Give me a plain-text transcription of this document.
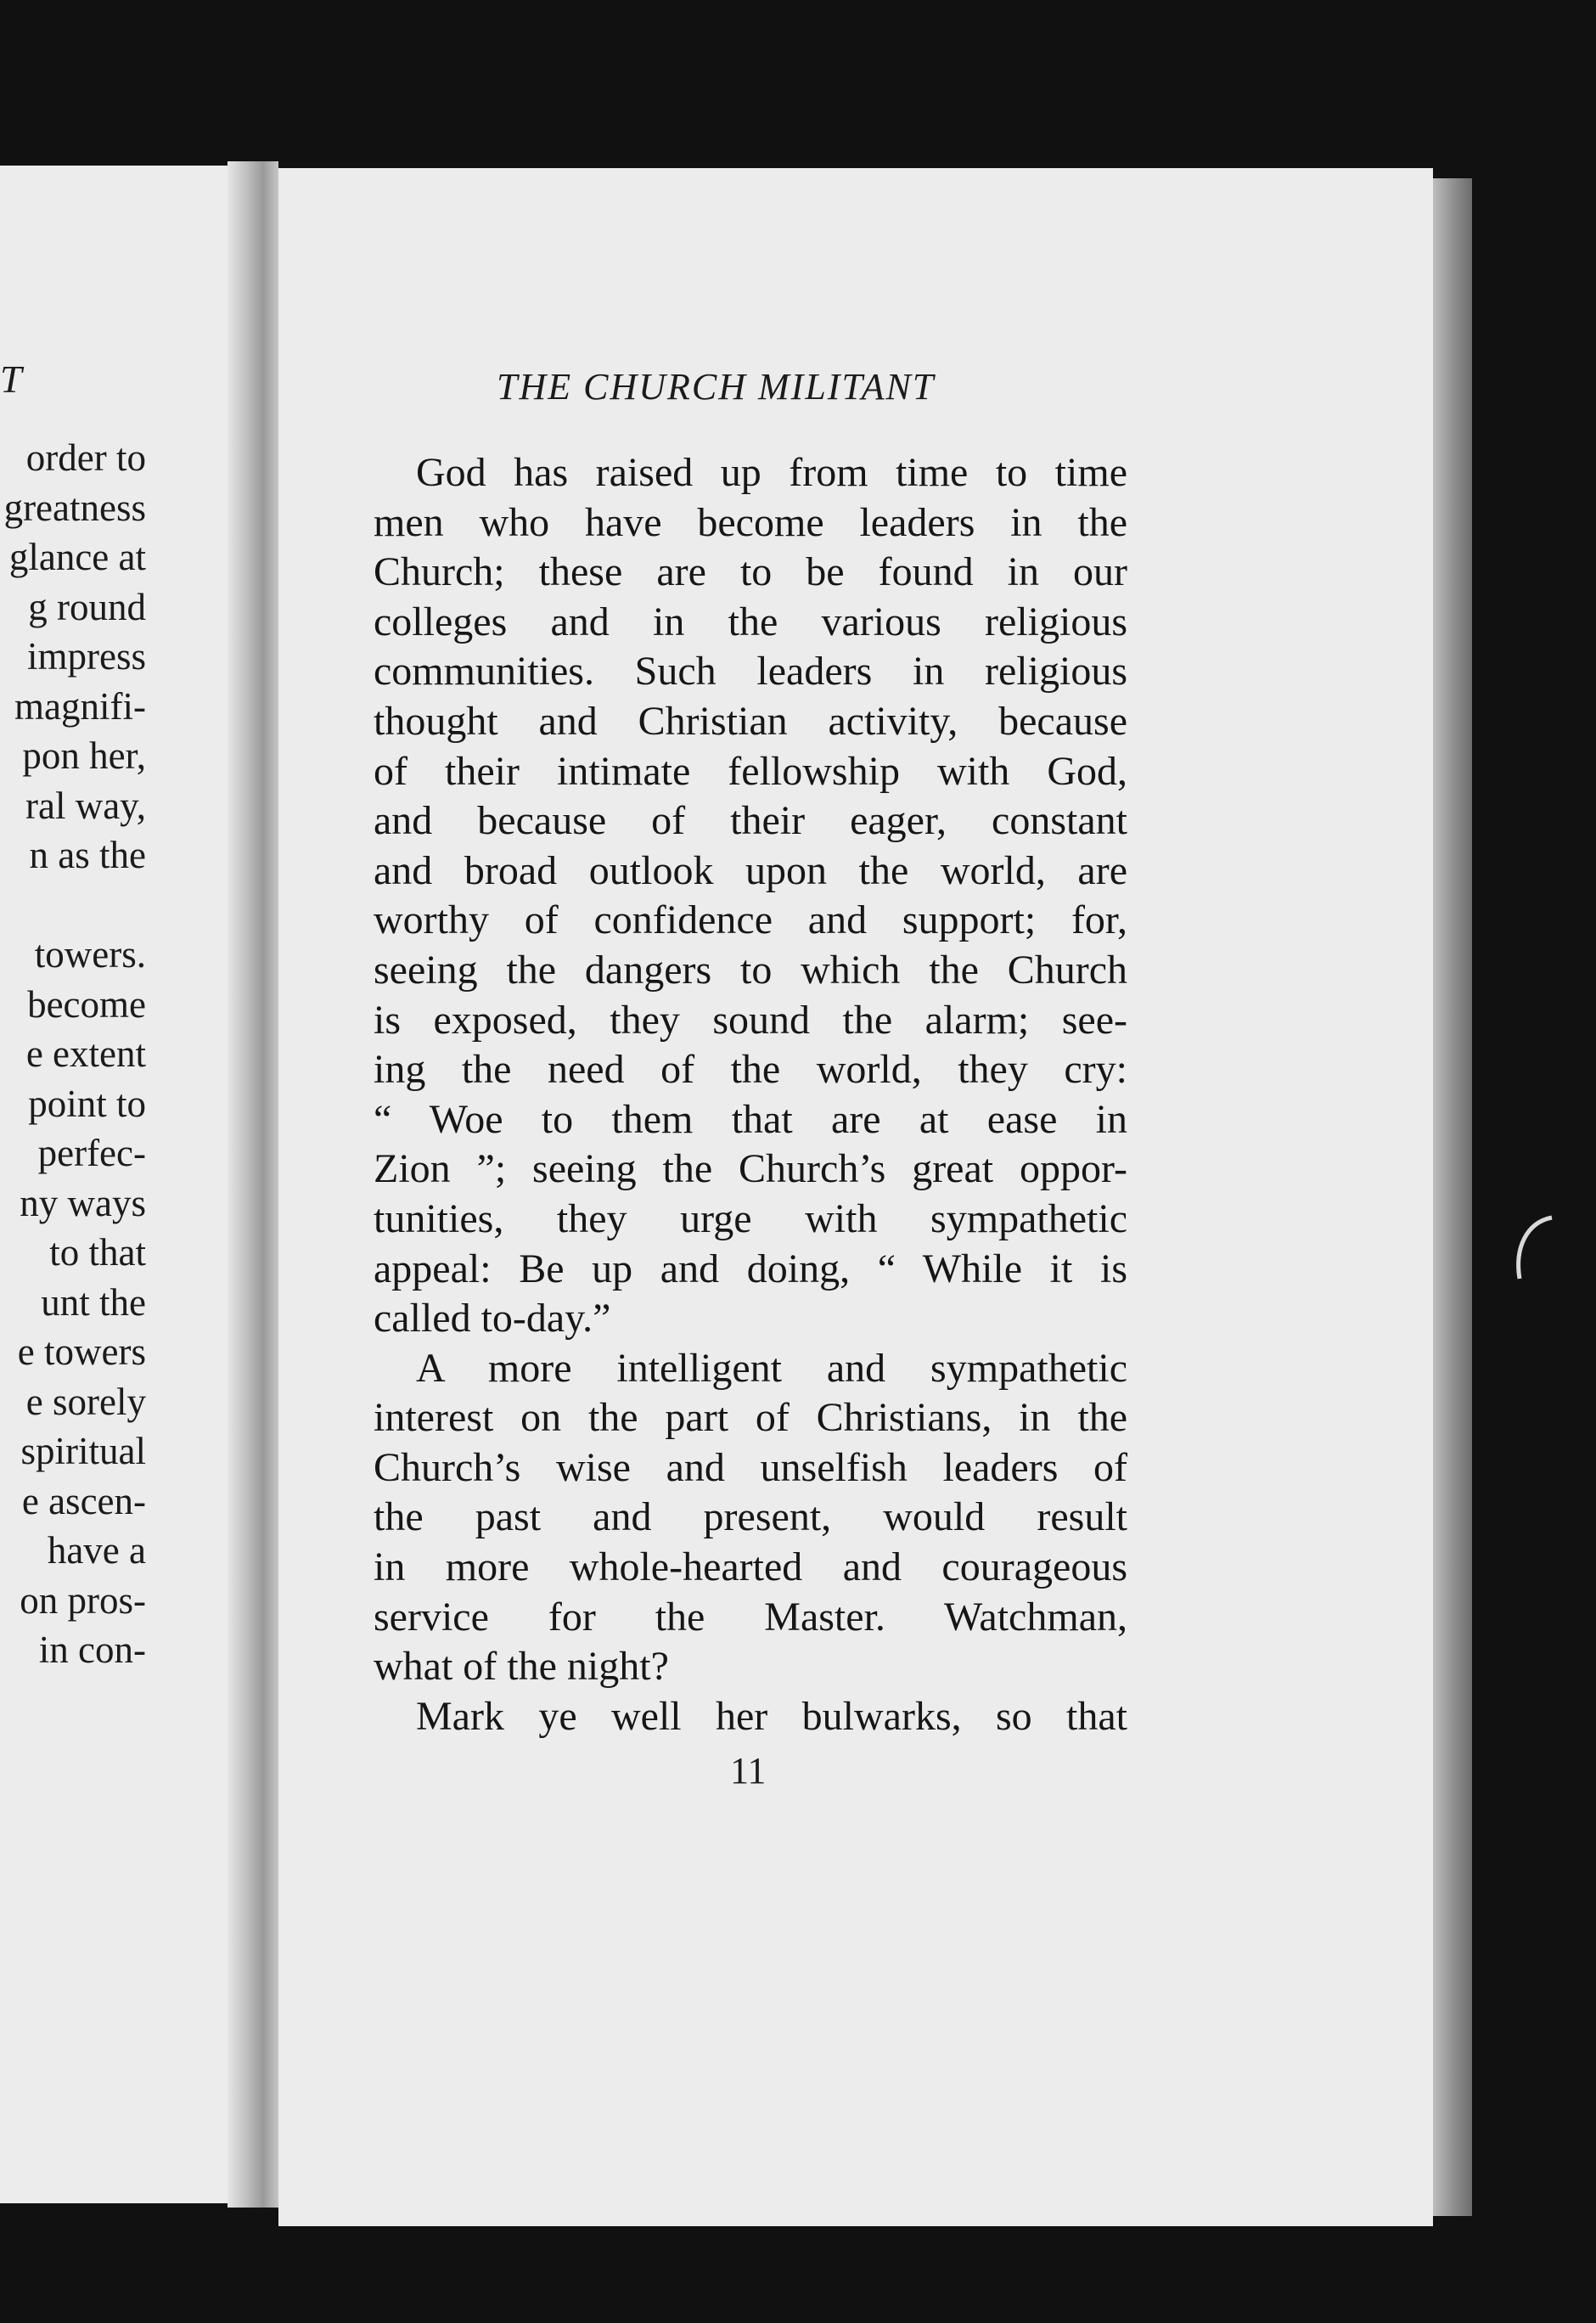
T
order to
greatness
glance at
g round
impress
magnifi-
pon her,
ral way,
n as the
towers.
become
e extent
point to
perfec-
ny ways
to that
unt the
e towers
e sorely
spiritual
e ascen-
have a
on pros-
in con-
THE CHURCH MILITANT
God has raised up from time to time
men who have become leaders in the
Church; these are to be found in our
colleges and in the various religious
communities. Such leaders in religious
thought and Christian activity, because
of their intimate fellowship with God,
and because of their eager, constant
and broad outlook upon the world, are
worthy of confidence and support; for,
seeing the dangers to which the Church
is exposed, they sound the alarm; see-
ing the need of the world, they cry:
“ Woe to them that are at ease in
Zion ”; seeing the Church’s great oppor-
tunities, they urge with sympathetic
appeal: Be up and doing, “ While it is
called to-day.”
A more intelligent and sympathetic
interest on the part of Christians, in the
Church’s wise and unselfish leaders of
the past and present, would result
in more whole-hearted and courageous
service for the Master. Watchman,
what of the night?
Mark ye well her bulwarks, so that
11
